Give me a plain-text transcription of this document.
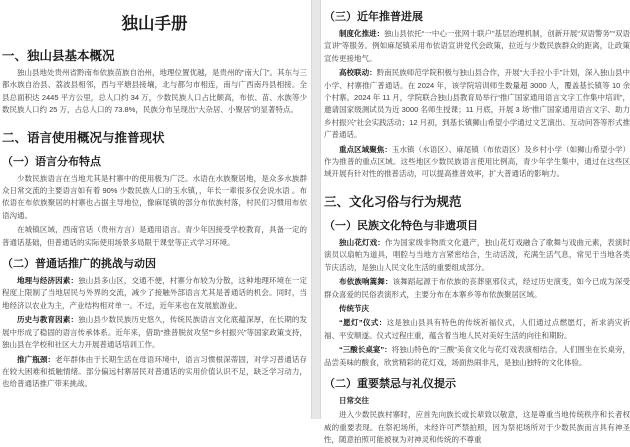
独山手册
一、独山县基本概况
独山县地处贵州省黔南布依族苗族自治州，地理位置优越，是贵州的“南大门”。其东与三都水族自治县、荔波县相邻，西与平塘县接壤，北与都匀市相连，南与广西南丹县相接。全县总面积达 2445 平方公里，总人口约 34 万，少数民族人口占比颇高，布依、苗、水族等少数民族人口约 25 万，占总人口的 73.8%，民族分布呈现出“大杂居、小聚居”的显著特点。
二、语言使用概况与推普现状
（一）语言分布特点
少数民族语言在当地尤其是村寨中的使用极为广泛。水语在水族聚居地，是众多水族群众日常交流的主要语言如有着 90% 少数民族人口的玉水镇，，年长一辈很多仅会说水语 。布依语在布依族聚居的村寨也占据主导地位，像麻尾镇的部分布依族村落，村民们习惯用布依语沟通。
在城镇区域，西南官话（贵州方言）是通用语言。青少年因接受学校教育，具备一定的普通话基础，但普通话的实际使用场景多局限于课堂等正式学习环境。
（二）普通话推广的挑战与动因
地理与经济因素：独山县多山区，交通不便，村寨分布较为分散，这种地理环境在一定程度上限制了当地居民与外界的交流，减少了接触外部语言尤其是普通话的机会。同时，当地经济以农业为主，产业结构相对单一。不过，近年来也在发展旅游业。
历史与教育因素：独山县少数民族历史悠久，传统民族语言文化底蕴深厚，在长期的发展中形成了稳固的语言传承体系。近年来，借助“推普脱贫攻坚”“乡村振兴”等国家政策支持，独山县在学校和社区大力开展普通话培训工作。
推广瓶颈：老年群体由于长期生活在母语环境中，语言习惯根深蒂固，对学习普通话存在较大困难和抵触情绪。部分偏远村寨居民对普通话的实用价值认识不足，缺乏学习动力，也给普通话推广带来挑战。
（三）近年推普进展
制度化推进：独山县依托“一中心一张网十联户”基层治理机制，创新开展“双语警务”“双语宣讲”等服务。例如麻尾镇采用布依语宣讲党代会政策，拉近与少数民族群众的距离，让政策宣传更接地气。
高校联动：黔南民族师范学院积极与独山县合作，开展“大手拉小手”计划，深入独山县中小学、村寨推广普通话。在 2024 年，该学院培训师生数量超 3000 人，覆盖基长镇等 10 余个村寨。2024 年 11 月，学院联合独山县教育局举行“推广国家通用语言文字工作集中培训”，邀请国家级测试员为近 3000 名师生授课；11 月底，开展 3 场“推广国家通用语言文字、助力乡村振兴”社会实践活动；12 月初，到基长镇狮山希望小学通过文艺演出、互动问答等形式推广普通话。
重点区域聚焦：玉水镇（水语区）、麻尾镇（布依语区）及乡村小学（如狮山希望小学）作为推普的重点区域。这些地区少数民族语言使用比例高，青少年学生集中，通过在这些区域开展有针对性的推普活动，可以提高推普效率，扩大普通话的影响力。
三、文化习俗与行为规范
（一）民族文化特色与非遗项目
独山花灯戏：作为国家级非物质文化遗产，独山花灯戏融合了歌舞与戏曲元素，表演时演员以扇帕为道具，唱腔与当地方言紧密结合，生动活泼，充满生活气息，常见于当地各类节庆活动，是独山人民文化生活的重要组成部分。
布依族响篙舞：该舞蹈起源于布依族的丧葬驱邪仪式，经过历史演变，如今已成为深受群众喜爱的民俗表演形式，主要分布在本寨乡等布依族聚居区域。
传统节庆
“愿灯”仪式：这是独山县具有特色的传统祈福仪式，人们通过点燃愿灯，祈求消灾祈福、平安顺遂。仪式过程庄重，蕴含着当地人民对美好生活的向往和期盼。
“三酸长桌宴”：将独山特色的“三酸”美食文化与花灯戏表演相结合，人们围坐在长桌旁，品尝美味的酸食，欣赏精彩的花灯戏，场面热闹非凡，是独山独特的文化体验。
（二）重要禁忌与礼仪提示
日常交往
进入少数民族村寨时，应首先向族长或长辈致以敬意，这是尊重当地传统秩序和长者权威的重要表现。在祭祀场所，未经许可严禁拍照，因为祭祀场所对于少数民族而言具有神圣性，随意拍照可能被视为对神灵和传统的不尊重
